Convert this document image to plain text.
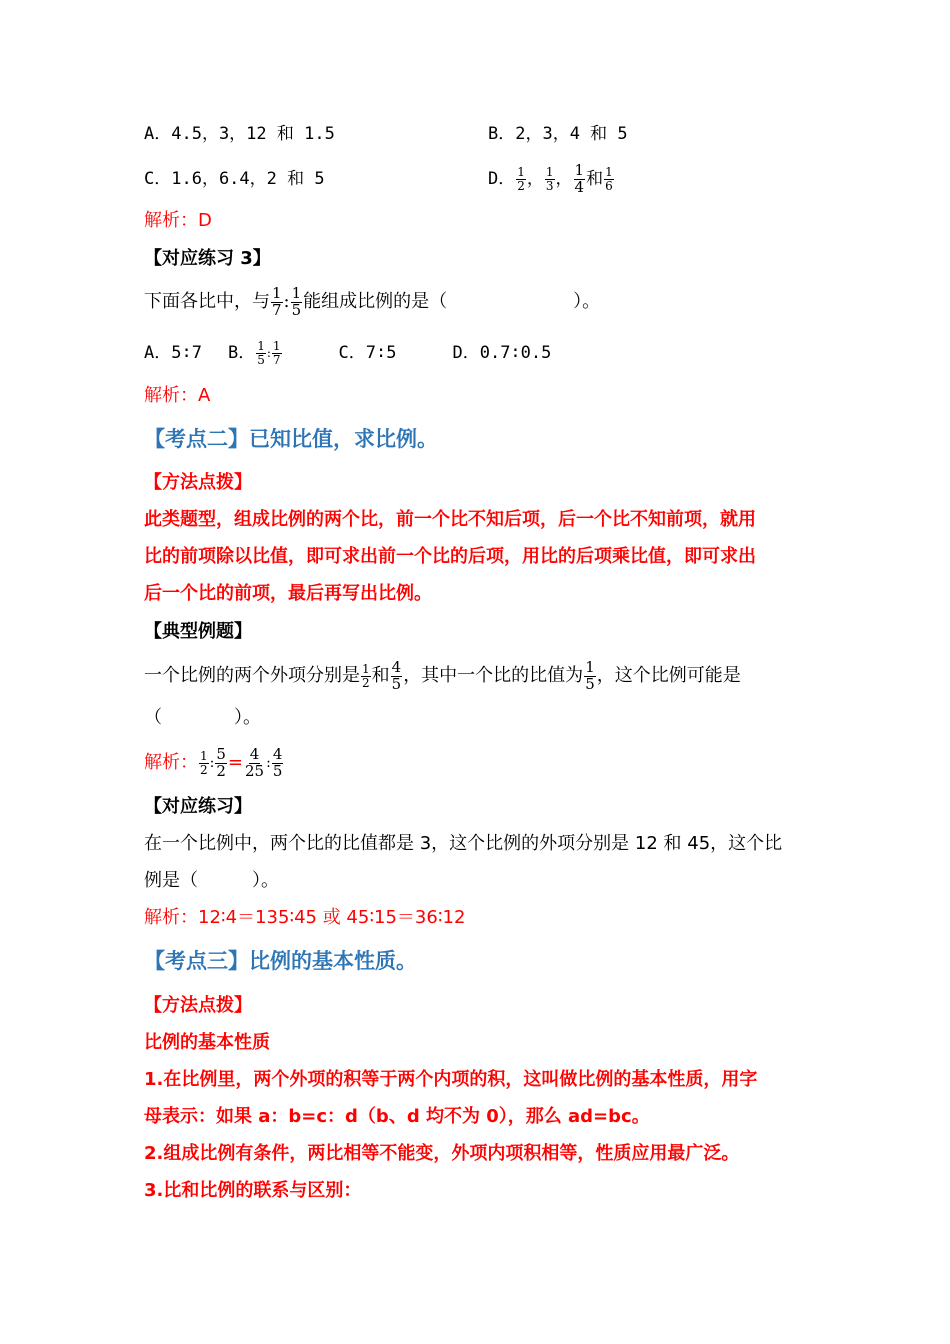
A．4.5，3，12 和 1.5	B．2，3，4 和 5
C．1.6，6.4，2 和 5	D． $\frac{1}{2}$ ， $\frac{1}{3}$ ， $\frac{1}{4}$ 和 $\frac{1}{6}$
解析：D
【对应练习 3】
下面各比中，与 $\frac{1}{7}$ : $\frac{1}{5}$ 能组成比例的是（	）。
A．5∶7 B． $\frac{1}{5}$ : $\frac{1}{7}$	C．7∶5	D．0.7∶0.5
解析：A
【考点二】已知比值，求比例。
【方法点拨】
此类题型，组成比例的两个比，前一个比不知后项，后一个比不知前项，就用
比的前项除以比值，即可求出前一个比的后项，用比的后项乘比值，即可求出
后一个比的前项，最后再写出比例。
【典型例题】
一个比例的两个外项分别是 $\frac{1}{2}$ 和 $\frac{4}{5}$ ，其中一个比的比值为 $\frac{1}{5}$ ，这个比例可能是
（　　　　）。
解析： $\frac{1}{2}$ : $\frac{5}{2} = \frac{4}{25}$ : $\frac{4}{5}$
【对应练习】
在一个比例中，两个比的比值都是 3，这个比例的外项分别是 12 和 45，这个比
例是（　　　）。
解析：12∶4＝135∶45 或 45∶15＝36∶12
【考点三】比例的基本性质。
【方法点拨】
比例的基本性质
1.在比例里，两个外项的积等于两个内项的积，这叫做比例的基本性质，用字
母表示：如果 a：b=c：d（b、d 均不为 0），那么 ad=bc。
2.组成比例有条件，两比相等不能变，外项内项积相等，性质应用最广泛。
3.比和比例的联系与区别：
